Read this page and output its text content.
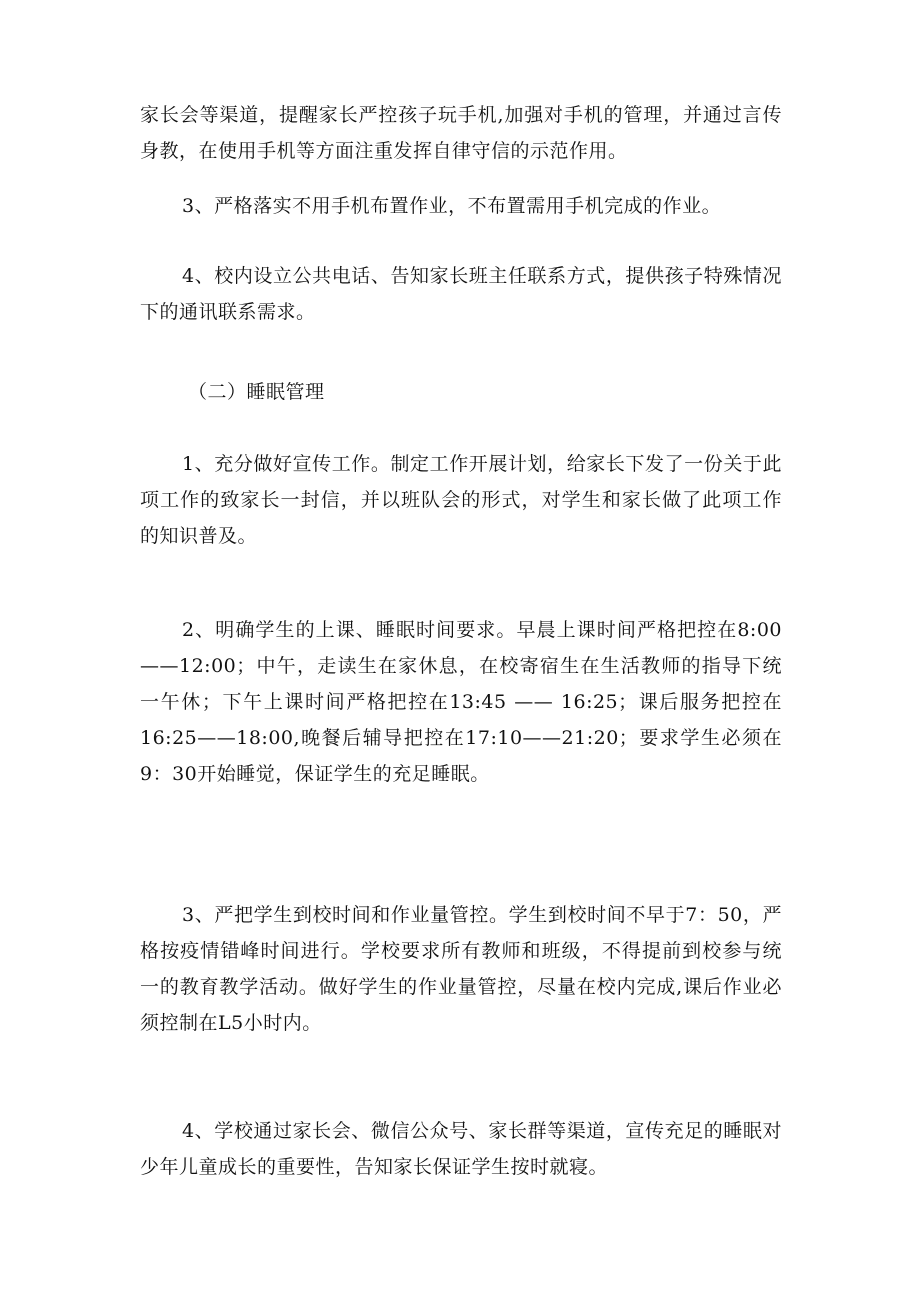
家长会等渠道，提醒家长严控孩子玩手机,加强对手机的管理，并通过言传身教，在使用手机等方面注重发挥自律守信的示范作用。

3、严格落实不用手机布置作业，不布置需用手机完成的作业。

4、校内设立公共电话、告知家长班主任联系方式，提供孩子特殊情况下的通讯联系需求。

（二）睡眠管理

1、充分做好宣传工作。制定工作开展计划，给家长下发了一份关于此项工作的致家长一封信，并以班队会的形式，对学生和家长做了此项工作的知识普及。

2、明确学生的上课、睡眠时间要求。早晨上课时间严格把控在8:00——12:00；中午，走读生在家休息，在校寄宿生在生活教师的指导下统一午休；下午上课时间严格把控在13:45 —— 16:25；课后服务把控在16:25——18:00,晚餐后辅导把控在17:10——21:20；要求学生必须在9：30开始睡觉，保证学生的充足睡眠。

3、严把学生到校时间和作业量管控。学生到校时间不早于7：50，严格按疫情错峰时间进行。学校要求所有教师和班级，不得提前到校参与统一的教育教学活动。做好学生的作业量管控，尽量在校内完成,课后作业必须控制在L5小时内。

4、学校通过家长会、微信公众号、家长群等渠道，宣传充足的睡眠对少年儿童成长的重要性，告知家长保证学生按时就寝。
